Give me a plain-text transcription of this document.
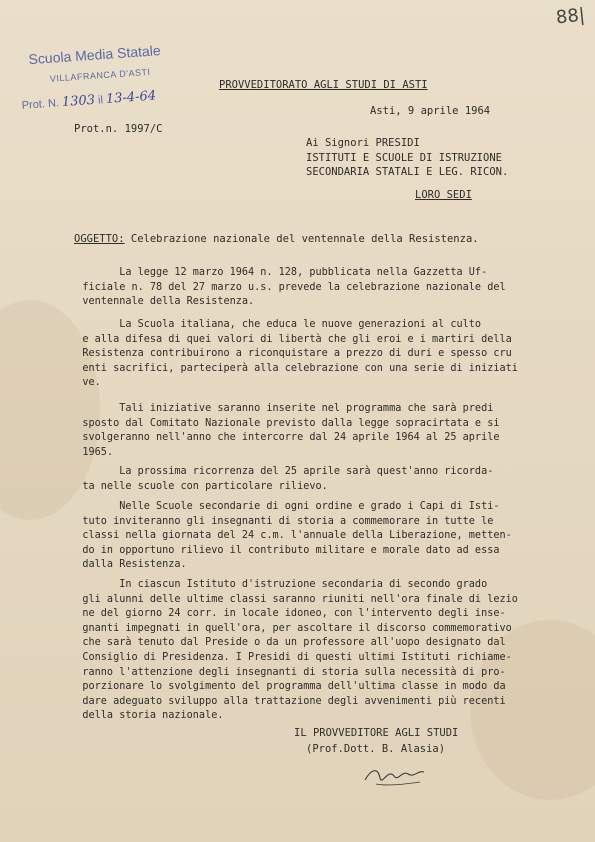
88|
Scuola Media Statale
VILLAFRANCA D'ASTI
Prot. N. 1303 il 13-4-64
PROVVEDITORATO AGLI STUDI DI ASTI
Asti, 9 aprile 1964
Prot.n. 1997/C
Ai Signori PRESIDI
ISTITUTI E SCUOLE DI ISTRUZIONE
SECONDARIA STATALI E LEG. RICON.
LORO SEDI
OGGETTO: Celebrazione nazionale del ventennale della Resistenza.
La legge 12 marzo 1964 n. 128, pubblicata nella Gazzetta Uf-
ficiale n. 78 del 27 marzo u.s. prevede la celebrazione nazionale del
ventennale della Resistenza.
La Scuola italiana, che educa le nuove generazioni al culto
e alla difesa di quei valori di libertà che gli eroi e i martiri della
Resistenza contribuirono a riconquistare a prezzo di duri e spesso cru
enti sacrifici, parteciperà alla celebrazione con una serie di iniziati
ve.
Tali iniziative saranno inserite nel programma che sarà predi
sposto dal Comitato Nazionale previsto dalla legge sopracirtata e si
svolgeranno nell'anno che intercorre dal 24 aprile 1964 al 25 aprile
1965.
La prossima ricorrenza del 25 aprile sarà quest'anno ricorda-
ta nelle scuole con particolare rilievo.
Nelle Scuole secondarie di ogni ordine e grado i Capi di Isti-
tuto inviteranno gli insegnanti di storia a commemorare in tutte le
classi nella giornata del 24 c.m. l'annuale della Liberazione, metten-
do in opportuno rilievo il contributo militare e morale dato ad essa
dalla Resistenza.
In ciascun Istituto d'istruzione secondaria di secondo grado
gli alunni delle ultime classi saranno riuniti nell'ora finale di lezio
ne del giorno 24 corr. in locale idoneo, con l'intervento degli inse-
gnanti impegnati in quell'ora, per ascoltare il discorso commemorativo
che sarà tenuto dal Preside o da un professore all'uopo designato dal
Consiglio di Presidenza. I Presidi di questi ultimi Istituti richiame-
ranno l'attenzione degli insegnanti di storia sulla necessità di pro-
porzionare lo svolgimento del programma dell'ultima classe in modo da
dare adeguato sviluppo alla trattazione degli avvenimenti più recenti
della storia nazionale.
IL PROVVEDITORE AGLI STUDI
(Prof.Dott. B. Alasia)
